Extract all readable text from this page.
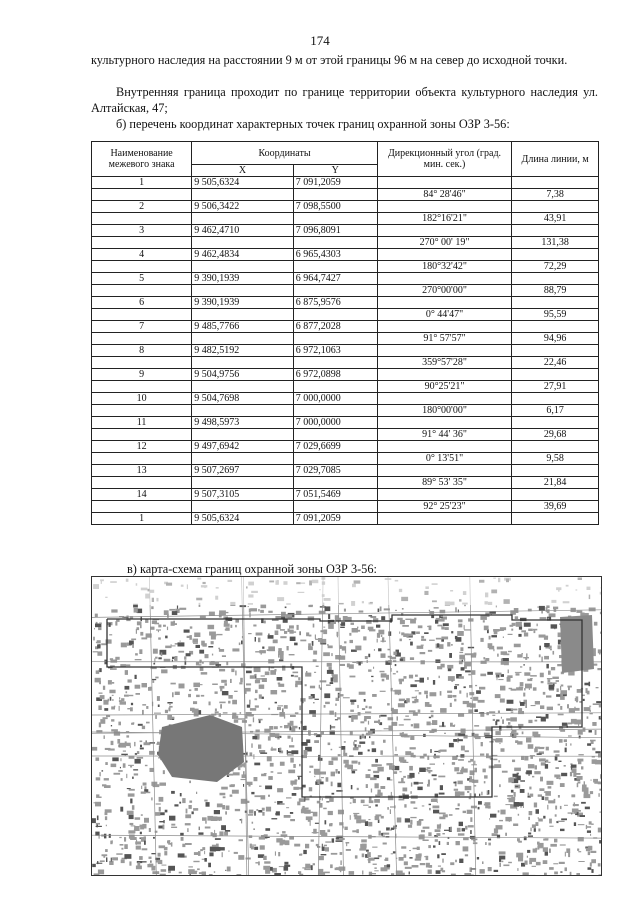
174
культурного наследия на расстоянии 9 м от этой границы 96 м на север до исходной точки.
Внутренняя граница проходит по границе территории объекта культурного наследия ул. Алтайская, 47;
б) перечень координат характерных точек границ охранной зоны ОЗР 3-56:
Наименование межевого знака	Координаты		Дирекционный угол (град. мин. сек.)	Длина линии, м
	X	Y		
1	9 505,6324	7 091,2059		
			84° 28'46"	7,38
2	9 506,3422	7 098,5500		
			182°16'21"	43,91
3	9 462,4710	7 096,8091		
			270° 00' 19"	131,38
4	9 462,4834	6 965,4303		
			180°32'42"	72,29
5	9 390,1939	6 964,7427		
			270°00'00"	88,79
6	9 390,1939	6 875,9576		
			0° 44'47"	95,59
7	9 485,7766	6 877,2028		
			91° 57'57"	94,96
8	9 482,5192	6 972,1063		
			359°57'28"	22,46
9	9 504,9756	6 972,0898		
			90°25'21"	27,91
10	9 504,7698	7 000,0000		
			180°00'00"	6,17
11	9 498,5973	7 000,0000		
			91° 44' 36"	29,68
12	9 497,6942	7 029,6699		
			0° 13'51"	9,58
13	9 507,2697	7 029,7085		
			89° 53' 35"	21,84
14	9 507,3105	7 051,5469		
			92° 25'23"	39,69
1	9 505,6324	7 091,2059		
в) карта-схема границ охранной зоны ОЗР 3-56:
